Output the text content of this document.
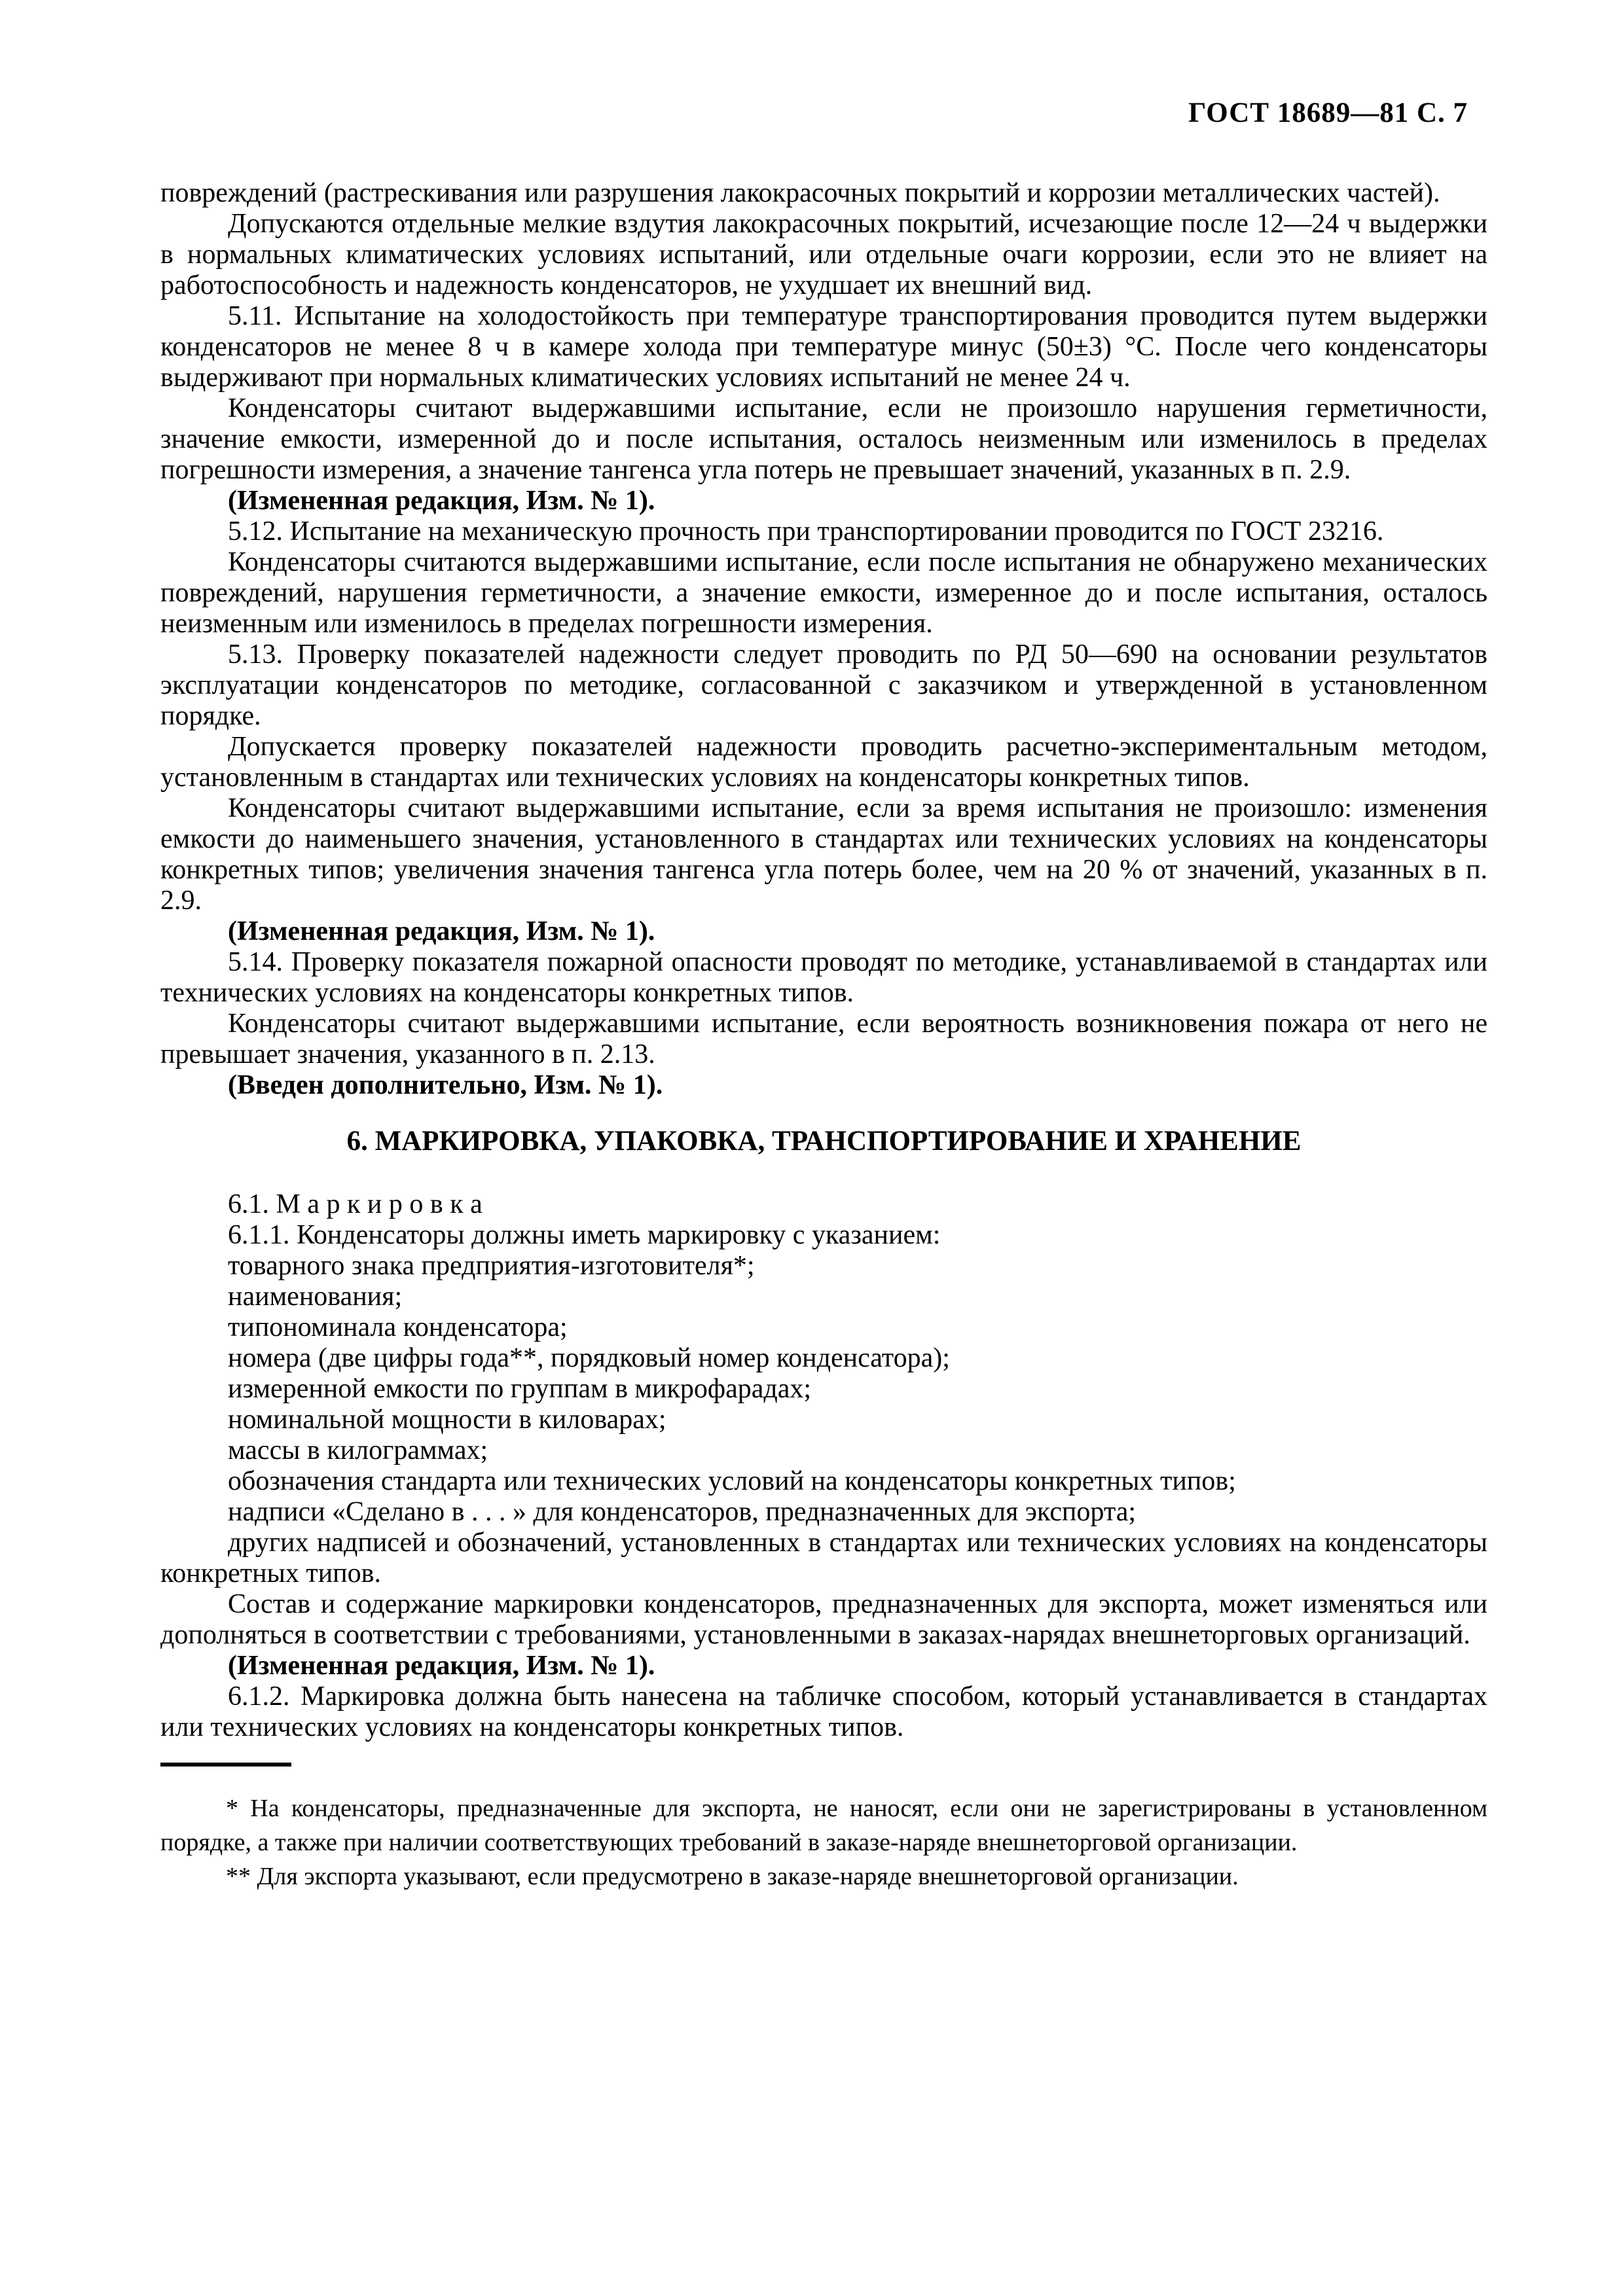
ГОСТ 18689—81 С. 7

повреждений (растрескивания или разрушения лакокрасочных покрытий и коррозии металлических частей).

Допускаются отдельные мелкие вздутия лакокрасочных покрытий, исчезающие после 12—24 ч выдержки в нормальных климатических условиях испытаний, или отдельные очаги коррозии, если это не влияет на работоспособность и надежность конденсаторов, не ухудшает их внешний вид.

5.11. Испытание на холодостойкость при температуре транспортирования проводится путем выдержки конденсаторов не менее 8 ч в камере холода при температуре минус (50±3) °С. После чего конденсаторы выдерживают при нормальных климатических условиях испытаний не менее 24 ч.

Конденсаторы считают выдержавшими испытание, если не произошло нарушения герметичности, значение емкости, измеренной до и после испытания, осталось неизменным или изменилось в пределах погрешности измерения, а значение тангенса угла потерь не превышает значений, указанных в п. 2.9.

(Измененная редакция, Изм. № 1).

5.12. Испытание на механическую прочность при транспортировании проводится по ГОСТ 23216.

Конденсаторы считаются выдержавшими испытание, если после испытания не обнаружено механических повреждений, нарушения герметичности, а значение емкости, измеренное до и после испытания, осталось неизменным или изменилось в пределах погрешности измерения.

5.13. Проверку показателей надежности следует проводить по РД 50—690 на основании результатов эксплуатации конденсаторов по методике, согласованной с заказчиком и утвержденной в установленном порядке.

Допускается проверку показателей надежности проводить расчетно-экспериментальным методом, установленным в стандартах или технических условиях на конденсаторы конкретных типов.

Конденсаторы считают выдержавшими испытание, если за время испытания не произошло: изменения емкости до наименьшего значения, установленного в стандартах или технических условиях на конденсаторы конкретных типов; увеличения значения тангенса угла потерь более, чем на 20 % от значений, указанных в п. 2.9.

(Измененная редакция, Изм. № 1).

5.14. Проверку показателя пожарной опасности проводят по методике, устанавливаемой в стандартах или технических условиях на конденсаторы конкретных типов.

Конденсаторы считают выдержавшими испытание, если вероятность возникновения пожара от него не превышает значения, указанного в п. 2.13.

(Введен дополнительно, Изм. № 1).

6. МАРКИРОВКА, УПАКОВКА, ТРАНСПОРТИРОВАНИЕ И ХРАНЕНИЕ

6.1. М а р к и р о в к а

6.1.1. Конденсаторы должны иметь маркировку с указанием:

товарного знака предприятия-изготовителя*;

наименования;

типономинала конденсатора;

номера (две цифры года**, порядковый номер конденсатора);

измеренной емкости по группам в микрофарадах;

номинальной мощности в киловарах;

массы в килограммах;

обозначения стандарта или технических условий на конденсаторы конкретных типов;

надписи «Сделано в . . . » для конденсаторов, предназначенных для экспорта;

других надписей и обозначений, установленных в стандартах или технических условиях на конденсаторы конкретных типов.

Состав и содержание маркировки конденсаторов, предназначенных для экспорта, может изменяться или дополняться в соответствии с требованиями, установленными в заказах-нарядах внешнеторговых организаций.

(Измененная редакция, Изм. № 1).

6.1.2. Маркировка должна быть нанесена на табличке способом, который устанавливается в стандартах или технических условиях на конденсаторы конкретных типов.

* На конденсаторы, предназначенные для экспорта, не наносят, если они не зарегистрированы в установленном порядке, а также при наличии соответствующих требований в заказе-наряде внешнеторговой организации.

** Для экспорта указывают, если предусмотрено в заказе-наряде внешнеторговой организации.
